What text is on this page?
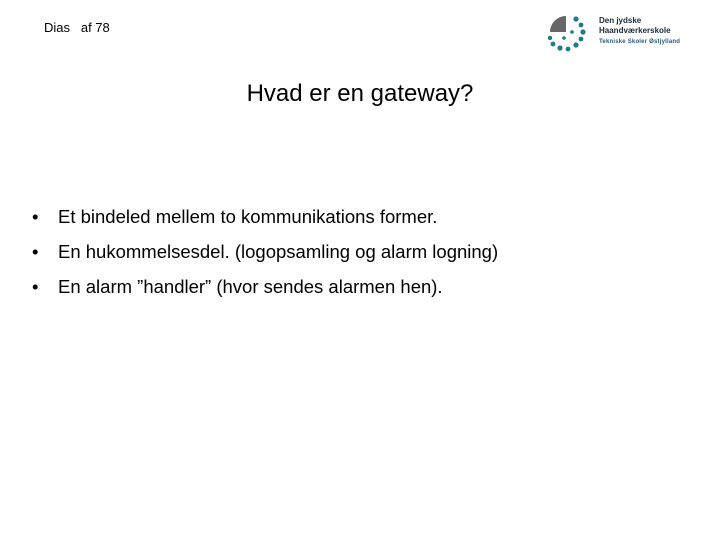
Dias   af 78	Den jydske
Haandværkerskole
Tekniske Skoler Østjylland
Hvad er en gateway?
•	Et bindeled mellem to kommunikations former.
•	En hukommelsesdel. (logopsamling og alarm logning)
•	En alarm ”handler” (hvor sendes alarmen hen).
